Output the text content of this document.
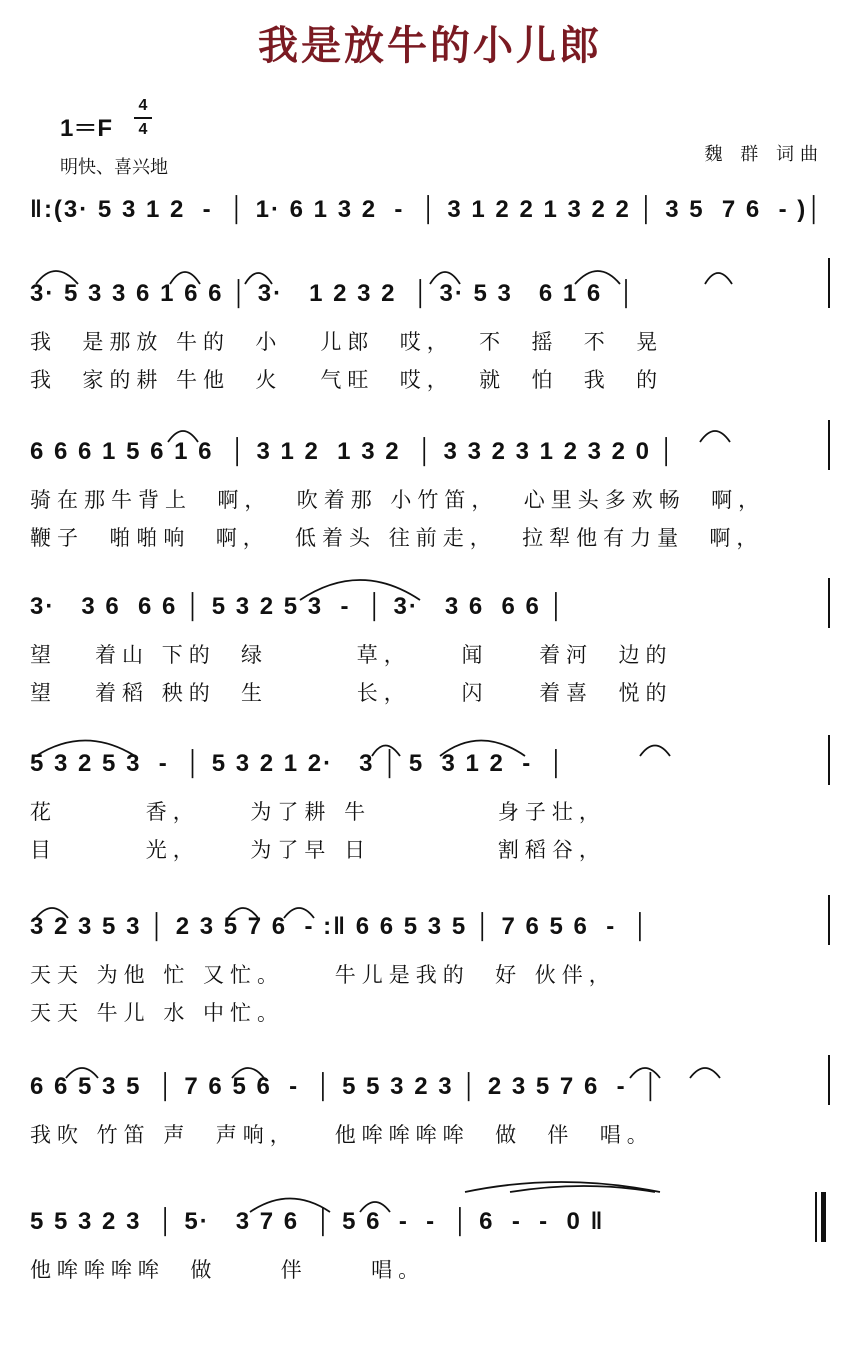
我是放牛的小儿郎
1＝F
4
4
明快、喜兴地
魏 群 词曲
‖:(3· 5 3 1 2  -  │ 1· 6 1 3 2  -  │ 3 1 2 2 1 3 2 2 │ 3 5  7 6  - )│
3· 5 3 3 6 1 6 6 │ 3·   1 2 3 2  │ 3· 5 3   6 1 6  │
我  是那放 牛的  小   儿郎  哎，  不  摇  不  晃
我  家的耕 牛他  火   气旺  哎，  就  怕  我  的
6 6 6 1 5 6 1 6  │ 3 1 2  1 3 2  │ 3 3 2 3 1 2 3 2 0 │
骑在那牛背上  啊，  吹着那 小竹笛，  心里头多欢畅  啊，
鞭子  啪啪响  啊，  低着头 往前走，  拉犁他有力量  啊，
3·   3 6  6 6 │ 5 3 2 5 3  -  │ 3·   3 6  6 6 │
望   着山 下的  绿       草，    闻    着河  边的
望   着稻 秧的  生       长，    闪    着喜  悦的
5 3 2 5 3  -  │ 5 3 2 1 2·   3 │ 5  3 1 2  -  │
花       香，    为了耕 牛          身子壮，
目       光，    为了早 日          割稻谷，
3 2 3 5 3 │ 2 3 5 7 6  - :‖ 6 6 5 3 5 │ 7 6 5 6  -  │
天天 为他 忙 又忙。    牛儿是我的  好 伙伴，
天天 牛儿 水 中忙。
6 6 5 3 5  │ 7 6 5 6  -  │ 5 5 3 2 3 │ 2 3 5 7 6  -  │
我吹 竹笛 声  声响，   他哞哞哞哞  做  伴  唱。
5 5 3 2 3  │ 5·   3 7 6  │ 5 6  -  -  │ 6  -  -  0 ‖
他哞哞哞哞  做     伴     唱。
